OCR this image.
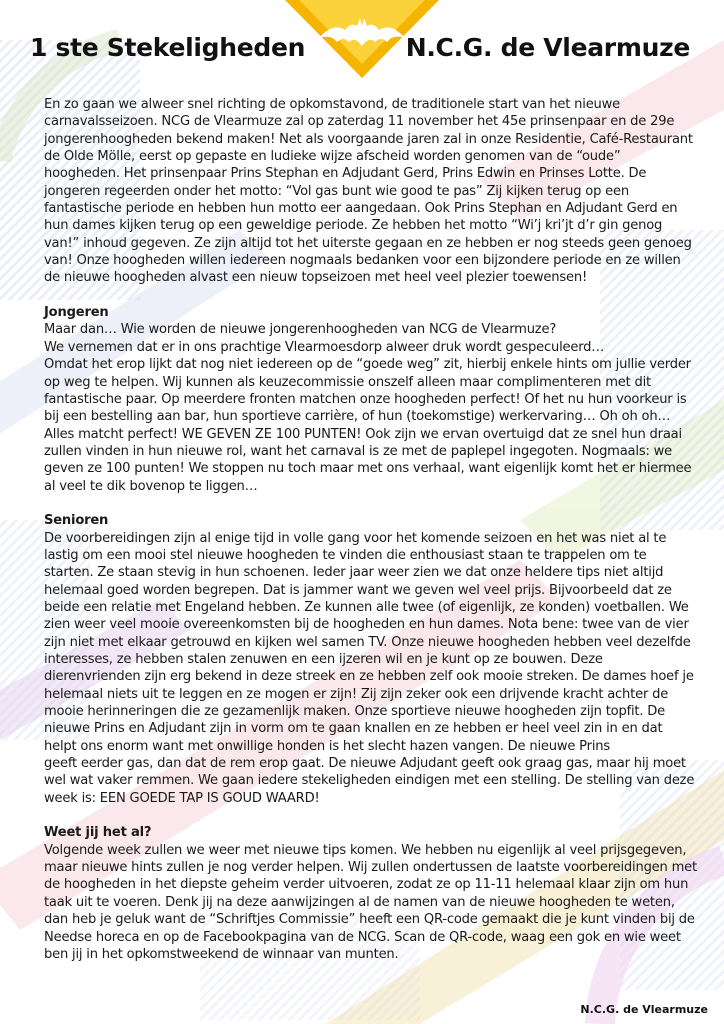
1 ste Stekeligheden	N.C.G. de Vlearmuze

En zo gaan we alweer snel richting de opkomstavond, de traditionele start van het nieuwe carnavalsseizoen. NCG de Vlearmuze zal op zaterdag 11 november het 45e prinsenpaar en de 29e jongerenhoogheden bekend maken! Net als voorgaande jaren zal in onze Residentie, Café-Restaurant de Olde Mölle, eerst op gepaste en ludieke wijze afscheid worden genomen van de “oude” hoogheden. Het prinsenpaar Prins Stephan en Adjudant Gerd, Prins Edwin en Prinses Lotte. De jongeren regeerden onder het motto: “Vol gas bunt wie good te pas” Zij kijken terug op een fantastische periode en hebben hun motto eer aangedaan. Ook Prins Stephan en Adjudant Gerd en hun dames kijken terug op een geweldige periode. Ze hebben het motto “Wi’j kri’jt d’r gin genog van!” inhoud gegeven. Ze zijn altijd tot het uiterste gegaan en ze hebben er nog steeds geen genoeg van! Onze hoogheden willen iedereen nogmaals bedanken voor een bijzondere periode en ze willen de nieuwe hoogheden alvast een nieuw topseizoen met heel veel plezier toewensen!

Jongeren

Maar dan… Wie worden de nieuwe jongerenhoogheden van NCG de Vlearmuze?

We vernemen dat er in ons prachtige Vlearmoesdorp alweer druk wordt gespeculeerd…

Omdat het erop lijkt dat nog niet iedereen op de “goede weg” zit, hierbij enkele hints om jullie verder op weg te helpen. Wij kunnen als keuzecommissie onszelf alleen maar complimenteren met dit fantastische paar. Op meerdere fronten matchen onze hoogheden perfect! Of het nu hun voorkeur is bij een bestelling aan bar, hun sportieve carrière, of hun (toekomstige) werkervaring… Oh oh oh… Alles matcht perfect! WE GEVEN ZE 100 PUNTEN! Ook zijn we ervan overtuigd dat ze snel hun draai zullen vinden in hun nieuwe rol, want het carnaval is ze met de paplepel ingegoten. Nogmaals: we geven ze 100 punten! We stoppen nu toch maar met ons verhaal, want eigenlijk komt het er hiermee al veel te dik bovenop te liggen…

Senioren

De voorbereidingen zijn al enige tijd in volle gang voor het komende seizoen en het was niet al te lastig om een mooi stel nieuwe hoogheden te vinden die enthousiast staan te trappelen om te starten. Ze staan stevig in hun schoenen. Ieder jaar weer zien we dat onze heldere tips niet altijd helemaal goed worden begrepen. Dat is jammer want we geven wel veel prijs. Bijvoorbeeld dat ze beide een relatie met Engeland hebben. Ze kunnen alle twee (of eigenlijk, ze konden) voetballen. We zien weer veel mooie overeenkomsten bij de hoogheden en hun dames. Nota bene: twee van de vier zijn niet met elkaar getrouwd en kijken wel samen TV. Onze nieuwe hoogheden hebben veel dezelfde interesses, ze hebben stalen zenuwen en een ijzeren wil en je kunt op ze bouwen. Deze dierenvrienden zijn erg bekend in deze streek en ze hebben zelf ook mooie streken. De dames hoef je helemaal niets uit te leggen en ze mogen er zijn! Zij zijn zeker ook een drijvende kracht achter de mooie herinneringen die ze gezamenlijk maken. Onze sportieve nieuwe hoogheden zijn topfit. De nieuwe Prins en Adjudant zijn in vorm om te gaan knallen en ze hebben er heel veel zin in en dat helpt ons enorm want met onwillige honden is het slecht hazen vangen. De nieuwe Prins

geeft eerder gas, dan dat de rem erop gaat. De nieuwe Adjudant geeft ook graag gas, maar hij moet wel wat vaker remmen. We gaan iedere stekeligheden eindigen met een stelling. De stelling van deze week is: EEN GOEDE TAP IS GOUD WAARD!

Weet jij het al?

Volgende week zullen we weer met nieuwe tips komen. We hebben nu eigenlijk al veel prijsgegeven, maar nieuwe hints zullen je nog verder helpen. Wij zullen ondertussen de laatste voorbereidingen met de hoogheden in het diepste geheim verder uitvoeren, zodat ze op 11-11 helemaal klaar zijn om hun taak uit te voeren. Denk jij na deze aanwijzingen al de namen van de nieuwe hoogheden te weten, dan heb je geluk want de “Schriftjes Commissie” heeft een QR-code gemaakt die je kunt vinden bij de Needse horeca en op de Facebookpagina van de NCG. Scan de QR-code, waag een gok en wie weet ben jij in het opkomstweekend de winnaar van munten.

N.C.G. de Vlearmuze
